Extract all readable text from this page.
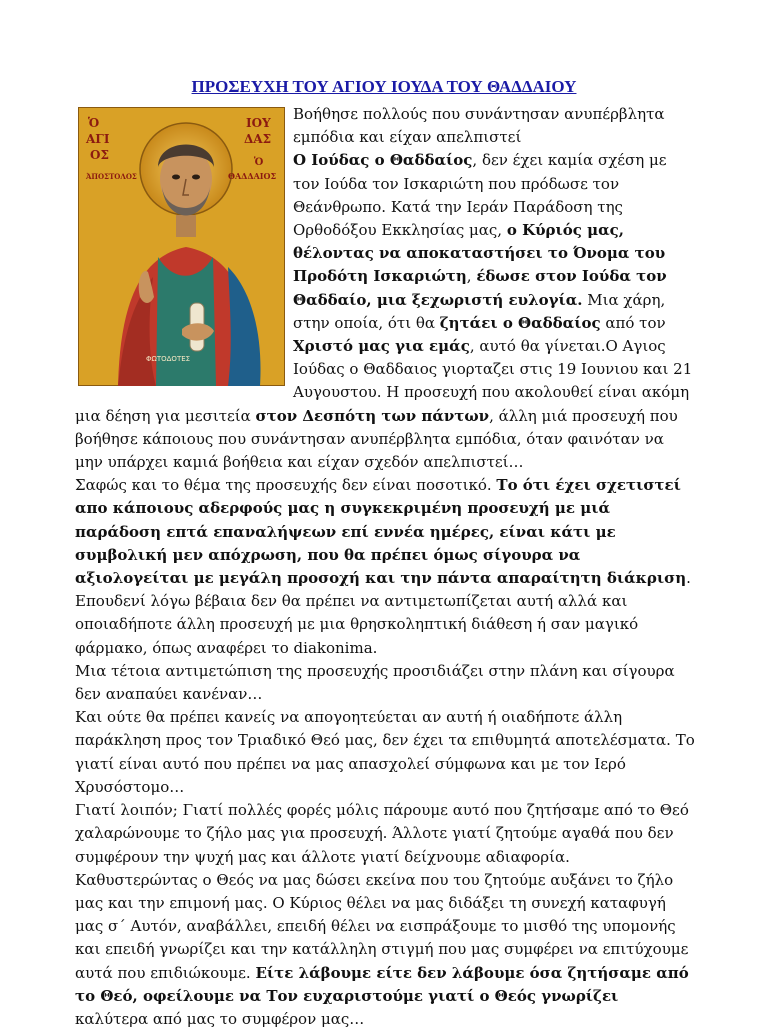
ΠΡΟΣΕΥΧΗ ΤΟΥ ΑΓΙΟΥ ΙΟΥΔΑ ΤΟΥ ΘΑΔΔΑΙΟΥ
Ὁ
ΑΓΙ
ΟΣ
ΙΟΥ
ΔΑΣ
Ὁ
ΘΑΔΔΑΙΟΣ
ἈΠΟΣΤΟΛΟΣ
ΦΩΤΟΔΟΤΕΣ

Βοήθησε πολλούς που συνάντησαν ανυπέρβλητα εμπόδια και είχαν απελπιστεί
Ο Ιούδας ο Θαδδαίος, δεν έχει καμία σχέση με τον Ιούδα τον Ισκαριώτη που πρόδωσε τον Θεάνθρωπο. Κατά την Ιεράν Παράδοση της Ορθοδόξου Εκκλησίας μας, ο Κύριός μας, θέλοντας να αποκαταστήσει το Όνομα του Προδότη Ισκαριώτη, έδωσε στον Ιούδα τον Θαδδαίο, μια ξεχωριστή ευλογία. Μια χάρη, στην οποία, ότι θα ζητάει ο Θαδδαίος από τον Χριστό μας για εμάς, αυτό θα γίνεται.Ο Αγιος Ιούδας ο Θαδδαιος γιορταζει στις 19 Ιουνιου και 21 Αυγουστου. Η προσευχή που ακολουθεί είναι ακόμη μια δέηση για μεσιτεία στον Δεσπότη των πάντων, άλλη μιά προσευχή που βοήθησε κάποιους που συνάντησαν ανυπέρβλητα εμπόδια, όταν φαινόταν να μην υπάρχει καμιά βοήθεια και είχαν σχεδόν απελπιστεί…

Σαφώς και το θέμα της προσευχής δεν είναι ποσοτικό. Το ότι έχει σχετιστεί απο κάποιους αδερφούς μας η συγκεκριμένη προσευχή με μιά παράδοση επτά επαναλήψεων επί εννέα ημέρες, είναι κάτι με συμβολική μεν απόχρωση, που θα πρέπει όμως σίγουρα να αξιολογείται με μεγάλη προσοχή και την πάντα απαραίτητη διάκριση. Επουδενί λόγω βέβαια δεν θα πρέπει να αντιμετωπίζεται αυτή αλλά και οποιαδήποτε άλλη προσευχή με μια θρησκοληπτική διάθεση ή σαν μαγικό φάρμακο, όπως αναφέρει το diakonima.

Μια τέτοια αντιμετώπιση της προσευχής προσιδιάζει στην πλάνη και σίγουρα δεν αναπαύει κανέναν…

Και ούτε θα πρέπει κανείς να απογοητεύεται αν αυτή ή οιαδήποτε άλλη παράκληση προς τον Τριαδικό Θεό μας, δεν έχει τα επιθυμητά αποτελέσματα. Το γιατί είναι αυτό που πρέπει να μας απασχολεί σύμφωνα και με τον Ιερό Χρυσόστομο…

Γιατί λοιπόν; Γιατί πολλές φορές μόλις πάρουμε αυτό που ζητήσαμε από το Θεό χαλαρώνουμε το ζήλο μας για προσευχή. Άλλοτε γιατί ζητούμε αγαθά που δεν συμφέρουν την ψυχή μας και άλλοτε γιατί δείχνουμε αδιαφορία. Καθυστερώντας ο Θεός να μας δώσει εκείνα που του ζητούμε αυξάνει το ζήλο μας και την επιμονή μας. Ο Κύριος θέλει να μας διδάξει τη συνεχή καταφυγή μας σ΄ Αυτόν, αναβάλλει, επειδή θέλει να εισπράξουμε το μισθό της υπομονής και επειδή γνωρίζει και την κατάλληλη στιγμή που μας συμφέρει να επιτύχουμε αυτά που επιδιώκουμε. Είτε λάβουμε είτε δεν λάβουμε όσα ζητήσαμε από το Θεό, οφείλουμε να Τον ευχαριστούμε γιατί ο Θεός γνωρίζει καλύτερα από μας το συμφέρον μας…
